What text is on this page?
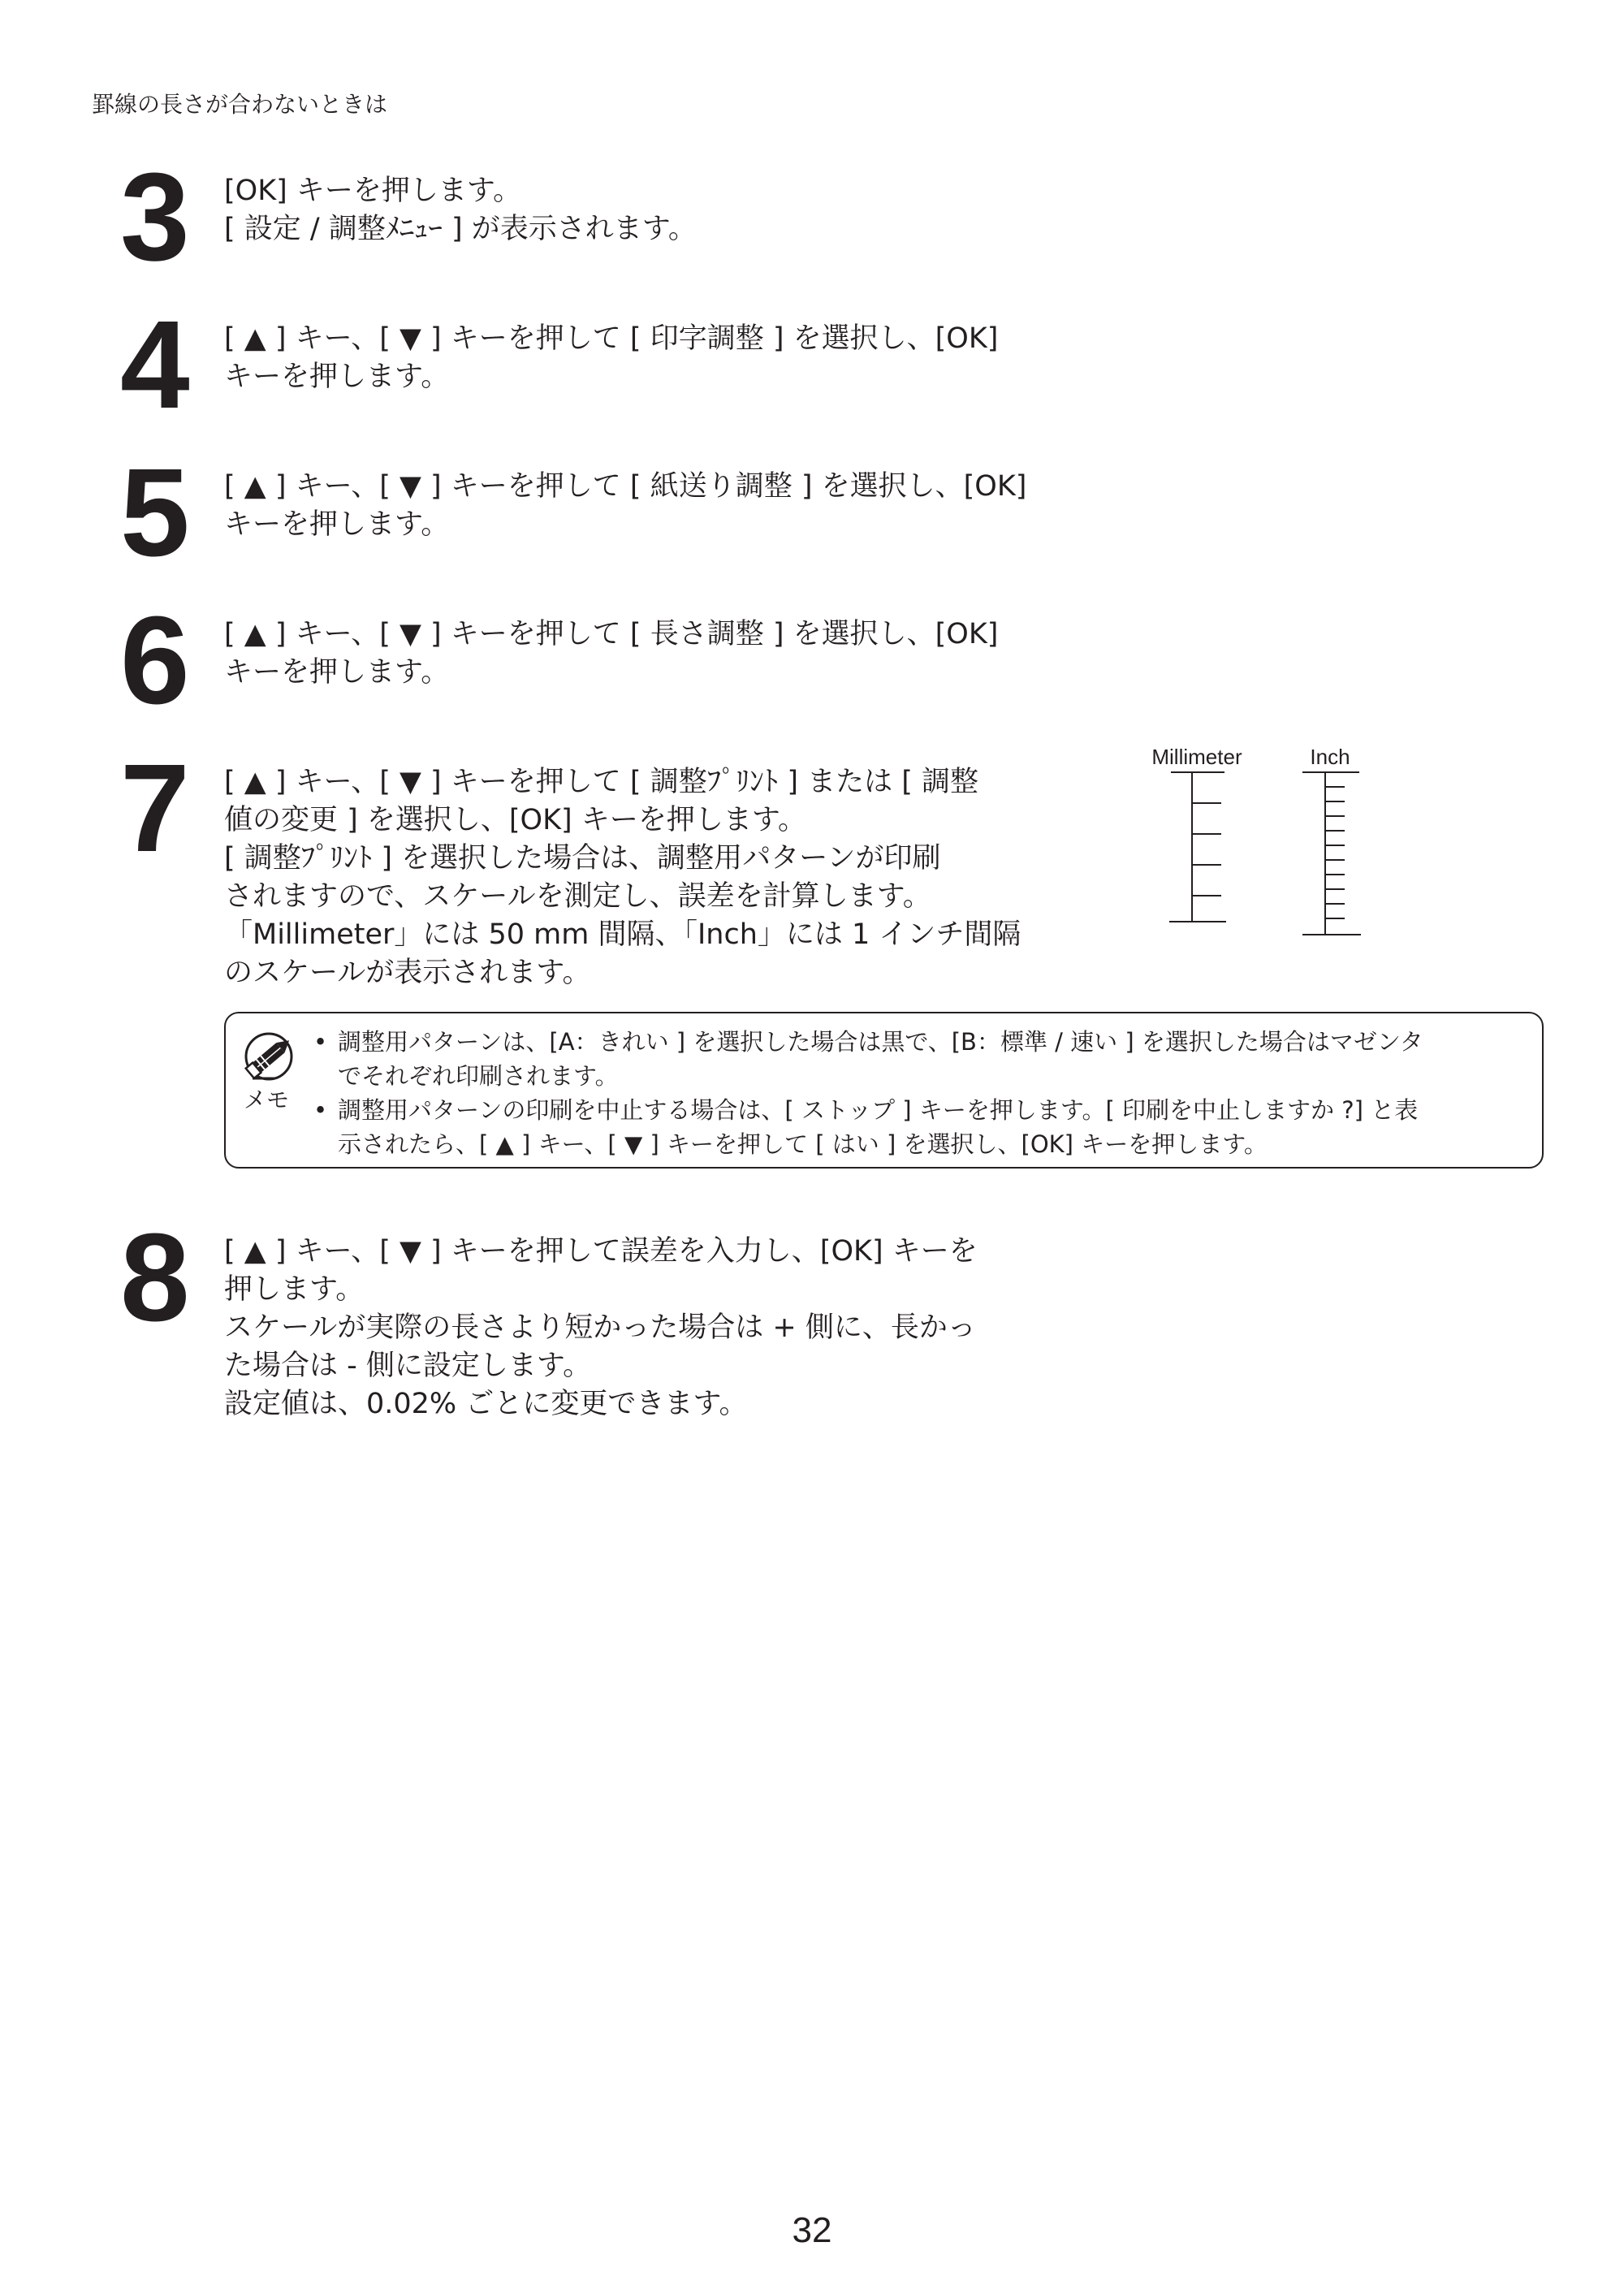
罫線の長さが合わないときは
3 [OK] キーを押します。
[ 設定 / 調整ﾒﾆｭｰ ] が表示されます。
4 [ ▲ ] キー、[ ▼ ] キーを押して [ 印字調整 ] を選択し、[OK]
キーを押します。
5 [ ▲ ] キー、[ ▼ ] キーを押して [ 紙送り調整 ] を選択し、[OK]
キーを押します。
6 [ ▲ ] キー、[ ▼ ] キーを押して [ 長さ調整 ] を選択し、[OK]
キーを押します。
7 [ ▲ ] キー、[ ▼ ] キーを押して [ 調整ﾌﾟﾘﾝﾄ ] または [ 調整
値の変更 ] を選択し、[OK] キーを押します。
[ 調整ﾌﾟﾘﾝﾄ ] を選択した場合は、調整用パターンが印刷
されますので、スケールを測定し、誤差を計算します。
「Millimeter」には 50 mm 間隔、「Inch」には 1 インチ間隔
のスケールが表示されます。
Millimeter	Inch
メモ
• 調整用パターンは、[A：きれい ] を選択した場合は黒で、[B：標準 / 速い ] を選択した場合はマゼンタ
でそれぞれ印刷されます。
• 調整用パターンの印刷を中止する場合は、[ ストップ ] キーを押します。[ 印刷を中止しますか ?] と表
示されたら、[ ▲ ] キー、[ ▼ ] キーを押して [ はい ] を選択し、[OK] キーを押します。
8 [ ▲ ] キー、[ ▼ ] キーを押して誤差を入力し、[OK] キーを
押します。
スケールが実際の長さより短かった場合は + 側に、長かっ
た場合は - 側に設定します。
設定値は、0.02% ごとに変更できます。
32
